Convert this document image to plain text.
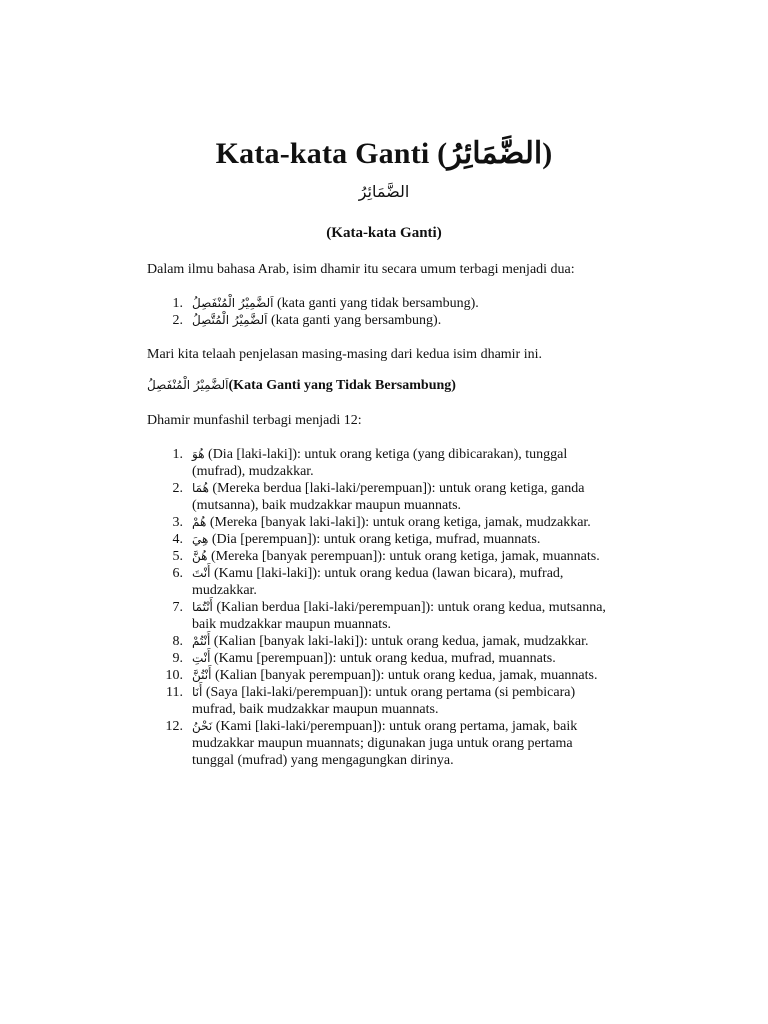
Kata-kata Ganti (الضَّمَائِرُ)
الضَّمَائِرُ
(Kata-kata Ganti)
Dalam ilmu bahasa Arab, isim dhamir itu secara umum terbagi menjadi dua:
1. اَلضَّمِيْرُ الْمُنْفَصِلُ (kata ganti yang tidak bersambung).
2. اَلضَّمِيْرُ الْمُتَّصِلُ (kata ganti yang bersambung).
Mari kita telaah penjelasan masing-masing dari kedua isim dhamir ini.
اَلضَّمِيْرُ الْمُنْفَصِلُ(Kata Ganti yang Tidak Bersambung)
Dhamir munfashil terbagi menjadi 12:
1. هُوَ (Dia [laki-laki]): untuk orang ketiga (yang dibicarakan), tunggal (mufrad), mudzakkar.
2. هُمَا (Mereka berdua [laki-laki/perempuan]): untuk orang ketiga, ganda (mutsanna), baik mudzakkar maupun muannats.
3. هُمْ (Mereka [banyak laki-laki]): untuk orang ketiga, jamak, mudzakkar.
4. هِيَ (Dia [perempuan]): untuk orang ketiga, mufrad, muannats.
5. هُنَّ (Mereka [banyak perempuan]): untuk orang ketiga, jamak, muannats.
6. أَنْتَ (Kamu [laki-laki]): untuk orang kedua (lawan bicara), mufrad, mudzakkar.
7. أَنْتُمَا (Kalian berdua [laki-laki/perempuan]): untuk orang kedua, mutsanna, baik mudzakkar maupun muannats.
8. أَنْتُمْ (Kalian [banyak laki-laki]): untuk orang kedua, jamak, mudzakkar.
9. أَنْتِ (Kamu [perempuan]): untuk orang kedua, mufrad, muannats.
10. أَنْتُنَّ (Kalian [banyak perempuan]): untuk orang kedua, jamak, muannats.
11. أَنَا (Saya [laki-laki/perempuan]): untuk orang pertama (si pembicara) mufrad, baik mudzakkar maupun muannats.
12. نَحْنُ (Kami [laki-laki/perempuan]): untuk orang pertama, jamak, baik mudzakkar maupun muannats; digunakan juga untuk orang pertama tunggal (mufrad) yang mengagungkan dirinya.
